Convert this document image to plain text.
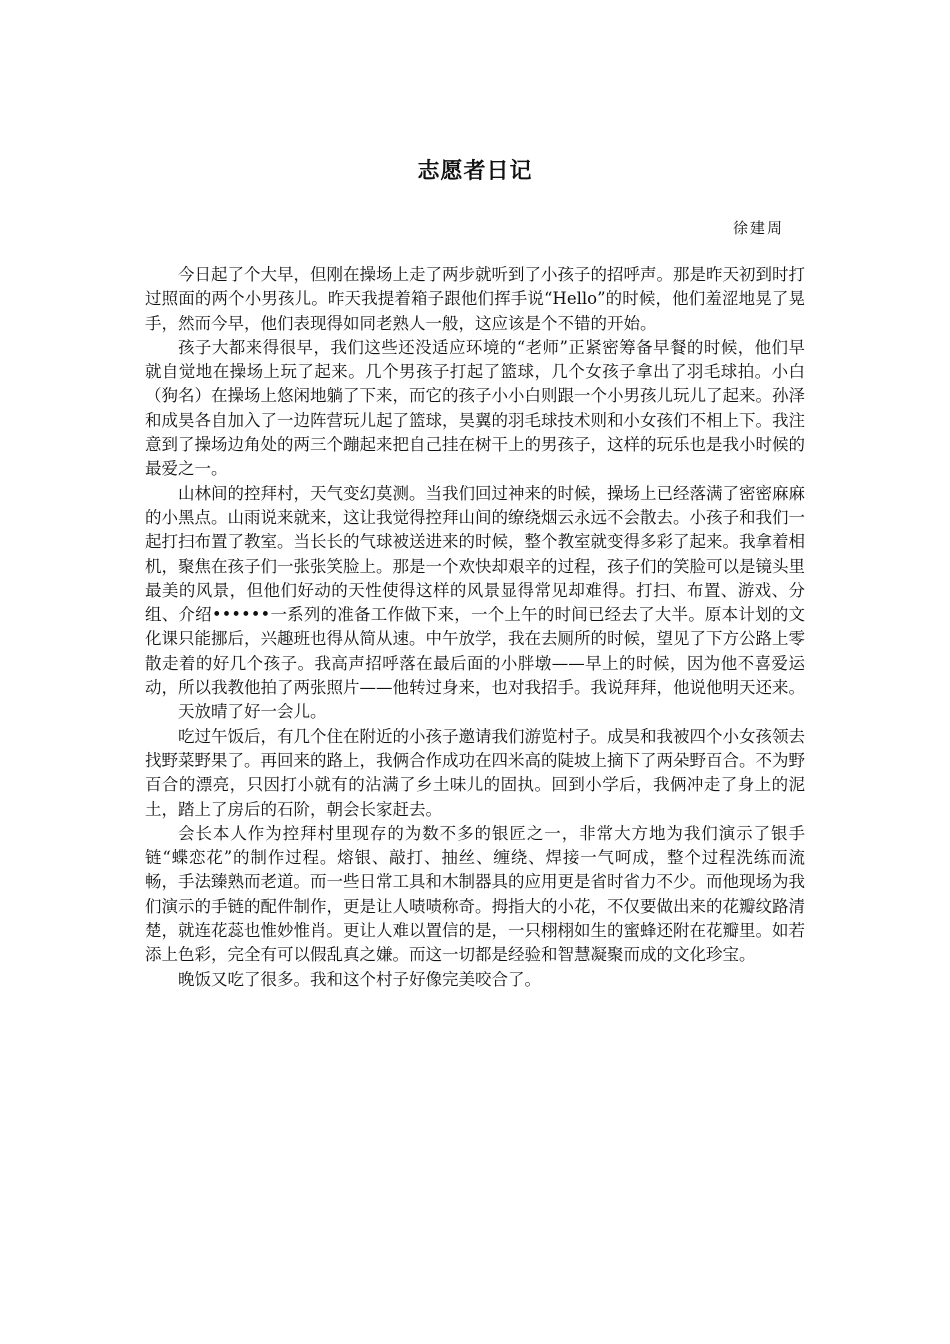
志愿者日记
徐建周

今日起了个大早，但刚在操场上走了两步就听到了小孩子的招呼声。那是昨天初到时打过照面的两个小男孩儿。昨天我提着箱子跟他们挥手说“Hello”的时候，他们羞涩地晃了晃手，然而今早，他们表现得如同老熟人一般，这应该是个不错的开始。

孩子大都来得很早，我们这些还没适应环境的“老师”正紧密筹备早餐的时候，他们早就自觉地在操场上玩了起来。几个男孩子打起了篮球，几个女孩子拿出了羽毛球拍。小白（狗名）在操场上悠闲地躺了下来，而它的孩子小小白则跟一个小男孩儿玩儿了起来。孙泽和成昊各自加入了一边阵营玩儿起了篮球，昊翼的羽毛球技术则和小女孩们不相上下。我注意到了操场边角处的两三个蹦起来把自己挂在树干上的男孩子，这样的玩乐也是我小时候的最爱之一。

山林间的控拜村，天气变幻莫测。当我们回过神来的时候，操场上已经落满了密密麻麻的小黑点。山雨说来就来，这让我觉得控拜山间的缭绕烟云永远不会散去。小孩子和我们一起打扫布置了教室。当长长的气球被送进来的时候，整个教室就变得多彩了起来。我拿着相机，聚焦在孩子们一张张笑脸上。那是一个欢快却艰辛的过程，孩子们的笑脸可以是镜头里最美的风景，但他们好动的天性使得这样的风景显得常见却难得。打扫、布置、游戏、分组、介绍••••••一系列的准备工作做下来，一个上午的时间已经去了大半。原本计划的文化课只能挪后，兴趣班也得从简从速。中午放学，我在去厕所的时候，望见了下方公路上零散走着的好几个孩子。我高声招呼落在最后面的小胖墩——早上的时候，因为他不喜爱运动，所以我教他拍了两张照片——他转过身来，也对我招手。我说拜拜，他说他明天还来。

天放晴了好一会儿。

吃过午饭后，有几个住在附近的小孩子邀请我们游览村子。成昊和我被四个小女孩领去找野菜野果了。再回来的路上，我俩合作成功在四米高的陡坡上摘下了两朵野百合。不为野百合的漂亮，只因打小就有的沾满了乡土味儿的固执。回到小学后，我俩冲走了身上的泥土，踏上了房后的石阶，朝会长家赶去。

会长本人作为控拜村里现存的为数不多的银匠之一，非常大方地为我们演示了银手链“蝶恋花”的制作过程。熔银、敲打、抽丝、缠绕、焊接一气呵成，整个过程洗练而流畅，手法臻熟而老道。而一些日常工具和木制器具的应用更是省时省力不少。而他现场为我们演示的手链的配件制作，更是让人啧啧称奇。拇指大的小花，不仅要做出来的花瓣纹路清楚，就连花蕊也惟妙惟肖。更让人难以置信的是，一只栩栩如生的蜜蜂还附在花瓣里。如若添上色彩，完全有可以假乱真之嫌。而这一切都是经验和智慧凝聚而成的文化珍宝。

晚饭又吃了很多。我和这个村子好像完美咬合了。
